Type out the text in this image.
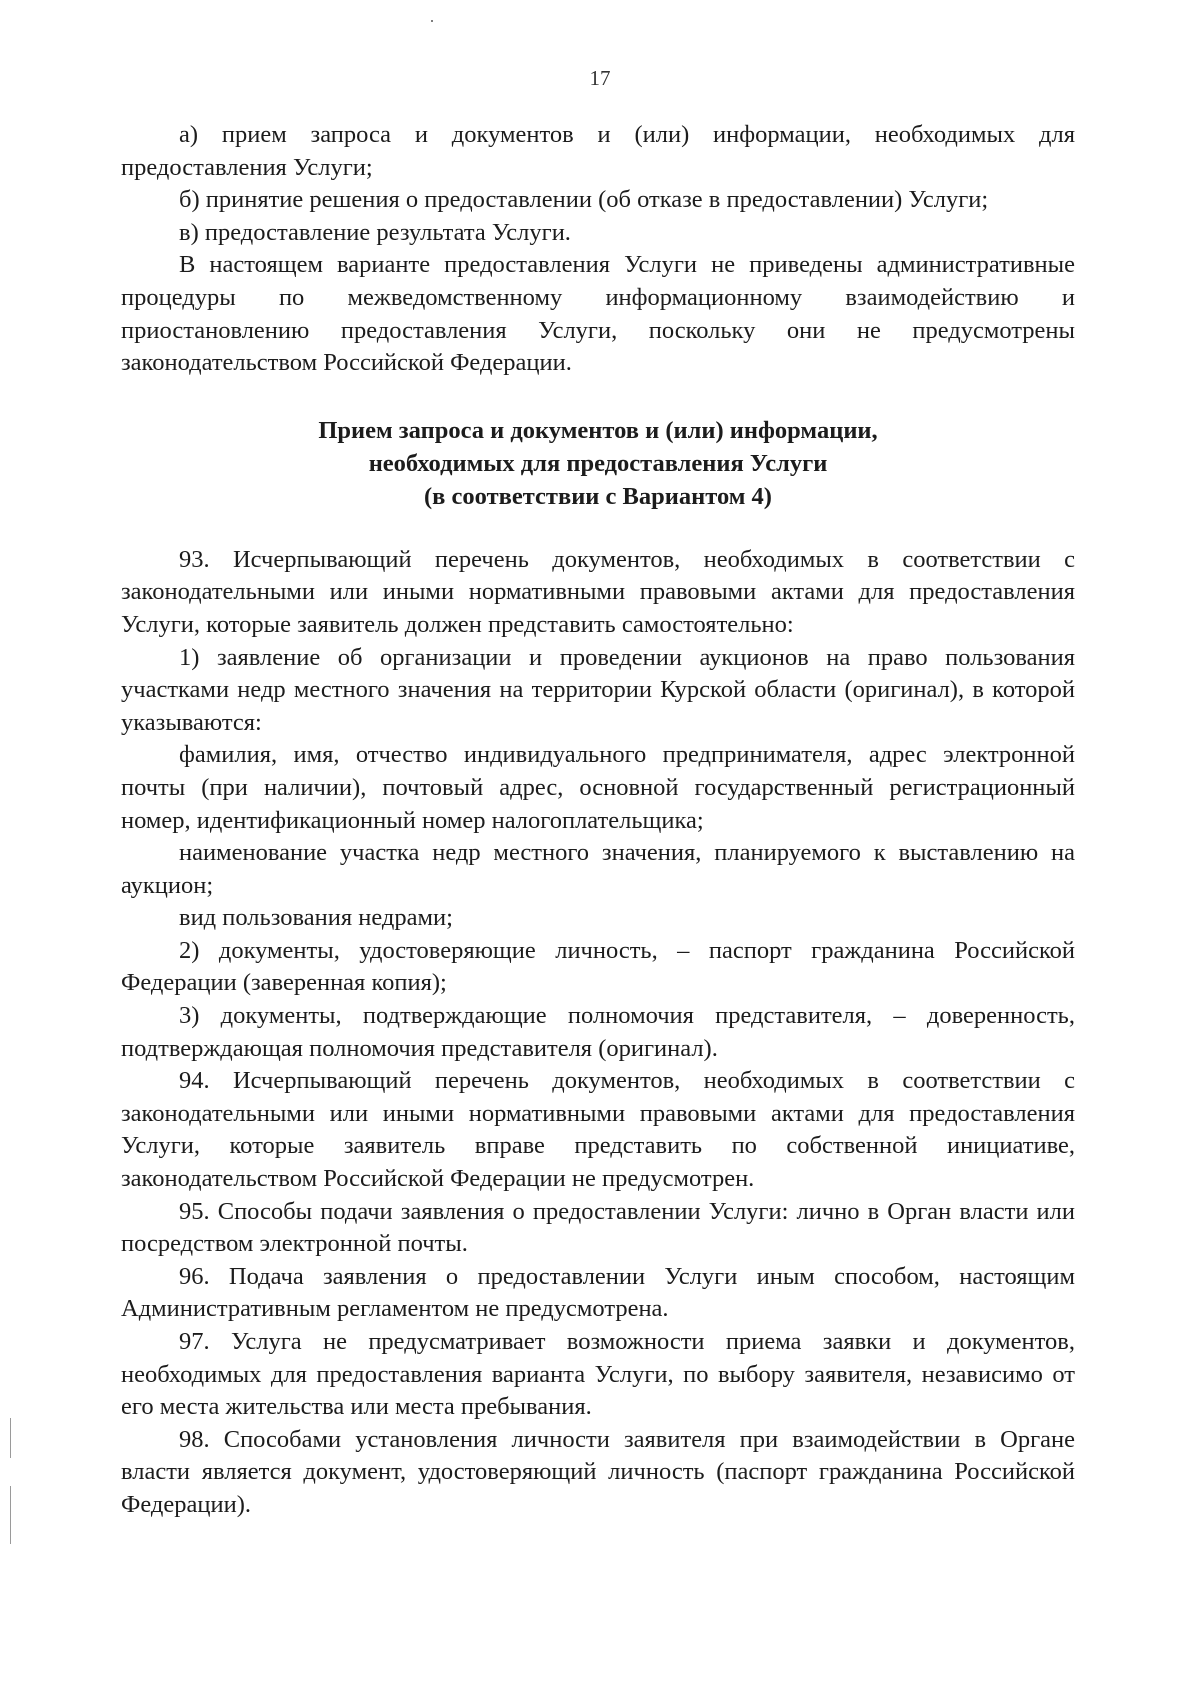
17

а) прием запроса и документов и (или) информации, необходимых для предоставления Услуги;

б) принятие решения о предоставлении (об отказе в предоставлении) Услуги;

в) предоставление результата Услуги.

В настоящем варианте предоставления Услуги не приведены административные процедуры по межведомственному информационному взаимодействию и приостановлению предоставления Услуги, поскольку они не предусмотрены законодательством Российской Федерации.

Прием запроса и документов и (или) информации,
необходимых для предоставления Услуги
(в соответствии с Вариантом 4)

93. Исчерпывающий перечень документов, необходимых в соответствии с законодательными или иными нормативными правовыми актами для предоставления Услуги, которые заявитель должен представить самостоятельно:

1) заявление об организации и проведении аукционов на право пользования участками недр местного значения на территории Курской области (оригинал), в которой указываются:

фамилия, имя, отчество индивидуального предпринимателя, адрес электронной почты (при наличии), почтовый адрес, основной государственный регистрационный номер, идентификационный номер налогоплательщика;

наименование участка недр местного значения, планируемого к выставлению на аукцион;

вид пользования недрами;

2) документы, удостоверяющие личность, – паспорт гражданина Российской Федерации (заверенная копия);

3) документы, подтверждающие полномочия представителя, – доверенность, подтверждающая полномочия представителя (оригинал).

94. Исчерпывающий перечень документов, необходимых в соответствии с законодательными или иными нормативными правовыми актами для предоставления Услуги, которые заявитель вправе представить по собственной инициативе, законодательством Российской Федерации не предусмотрен.

95. Способы подачи заявления о предоставлении Услуги: лично в Орган власти или посредством электронной почты.

96. Подача заявления о предоставлении Услуги иным способом, настоящим Административным регламентом не предусмотрена.

97. Услуга не предусматривает возможности приема заявки и документов, необходимых для предоставления варианта Услуги, по выбору заявителя, независимо от его места жительства или места пребывания.

98. Способами установления личности заявителя при взаимодействии в Органе власти является документ, удостоверяющий личность (паспорт гражданина Российской Федерации).
